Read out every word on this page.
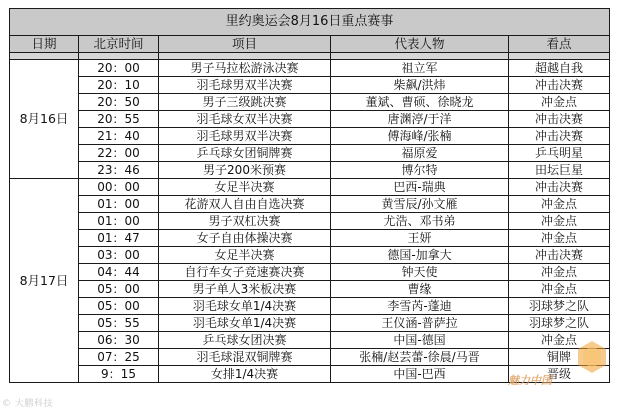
里约奥运会8月16日重点赛事				
日期	北京时间	项目	代表人物	看点

8月16日	20：00	男子马拉松游泳决赛	祖立军	超越自我
	20：10	羽毛球男双半决赛	柴飙/洪炜	冲击决赛
	20：50	男子三级跳决赛	董斌、曹硕、徐晓龙	冲金点
	20：55	羽毛球女双半决赛	唐渊渟/于洋	冲击决赛
	21：40	羽毛球男双半决赛	傅海峰/张楠	冲击决赛
	22：00	乒乓球女团铜牌赛	福原爱	乒乓明星
	23：46	男子200米预赛	博尔特	田坛巨星
8月17日	00：00	女足半决赛	巴西-瑞典	冲击决赛
	01：00	花游双人自由自选决赛	黄雪辰/孙文雁	冲金点
	01：00	男子双杠决赛	尤浩、邓书弟	冲金点
	01：47	女子自由体操决赛	王妍	冲金点
	03：00	女足半决赛	德国-加拿大	冲击决赛
	04：44	自行车女子竞速赛决赛	钟天使	冲金点
	05：00	男子单人3米板决赛	曹缘	冲金点
	05：00	羽毛球女单1/4决赛	李雪芮-蓬迪	羽球梦之队
	05：55	羽毛球女单1/4决赛	王仪涵-普萨拉	羽球梦之队
	06：30	乒乓球女团决赛	中国-德国	冲金点
	07：25	羽毛球混双铜牌赛	张楠/赵芸蕾-徐晨/马晋	铜牌
	9：15	女排1/4决赛	中国-巴西	晋级
© 大鹏科技
魅力中国
